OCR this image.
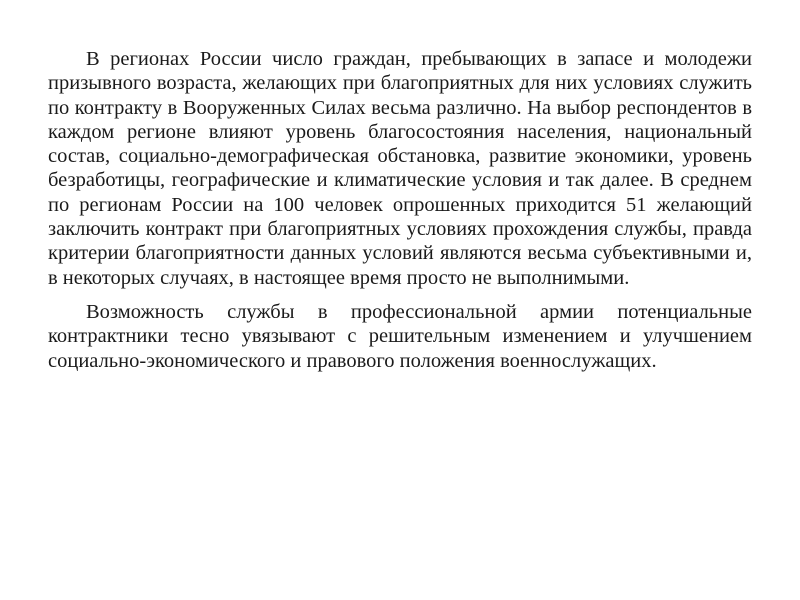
В регионах России число граждан, пребывающих в запасе и молодежи призывного возраста, желающих при благоприятных для них условиях служить по контракту в Вооруженных Силах весьма различно. На выбор респондентов в каждом регионе влияют уровень благосостояния населения, национальный состав, социально-демографическая обстановка, развитие экономики, уровень безработицы, географические и климатические условия и так далее. В среднем по регионам России на 100 человек опрошенных приходится 51 желающий заключить контракт при благоприятных условиях прохождения службы, правда критерии благоприятности данных условий являются весьма субъективными и, в некоторых случаях, в настоящее время просто не выполнимыми.

Возможность службы в профессиональной армии потенциальные контрактники тесно увязывают с решительным изменением и улучшением социально-экономического и правового положения военнослужащих.
